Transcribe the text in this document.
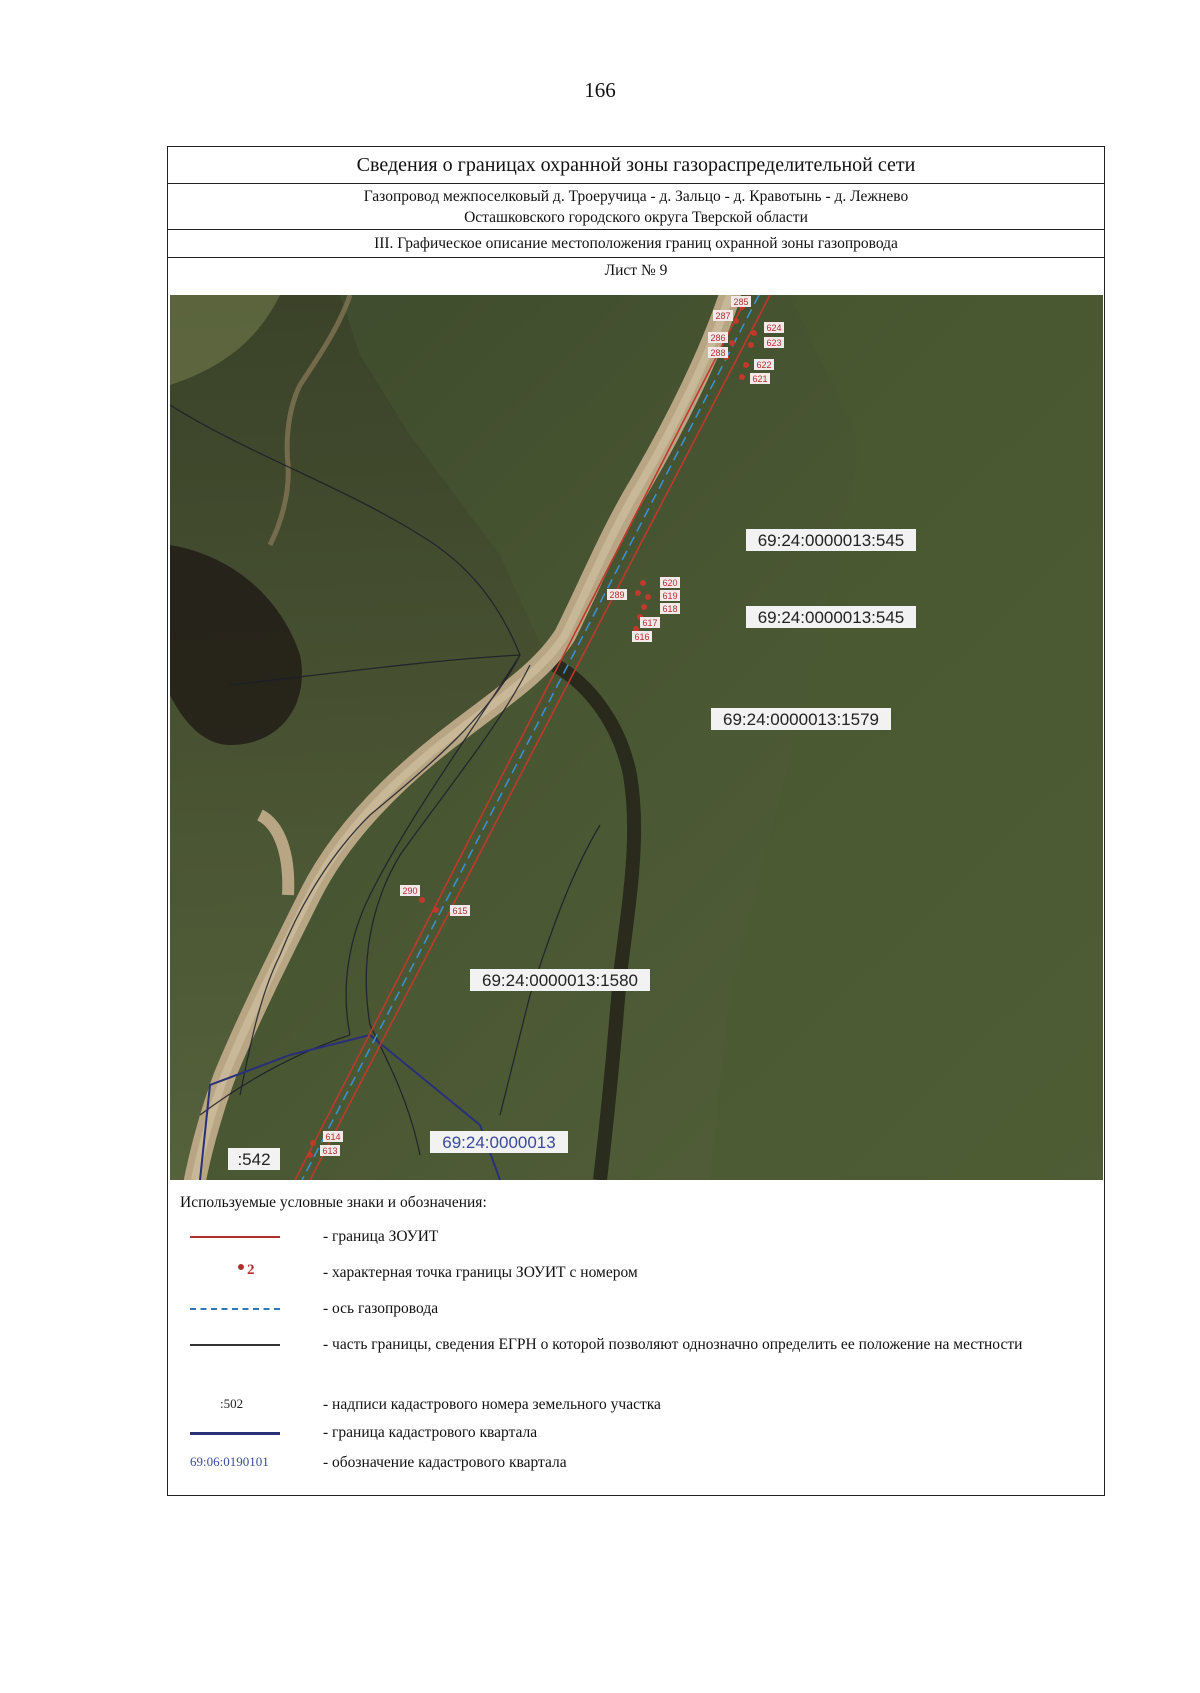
166
Сведения о границах охранной зоны газораспределительной сети
Газопровод межпоселковый д. Троеручица - д. Зальцо - д. Кравотынь - д. Лежнево
Осташковского городского округа Тверской области
III. Графическое описание местоположения границ охранной зоны газопровода
Лист № 9
285
287
624
286	623
288
622
621
620
289	619
618
617
616
290
615
614
613
69:24:0000013:545
69:24:0000013:545
69:24:0000013:1579
69:24:0000013:1580
69:24:0000013
:542
Используемые условные знаки и обозначения:
- граница ЗОУИТ
2	- характерная точка границы ЗОУИТ с номером
- ось газопровода
- часть границы, сведения ЕГРН о которой позволяют однозначно определить ее положение на местности
:502	- надписи кадастрового номера земельного участка
- граница кадастрового квартала
69:06:0190101	- обозначение кадастрового квартала
